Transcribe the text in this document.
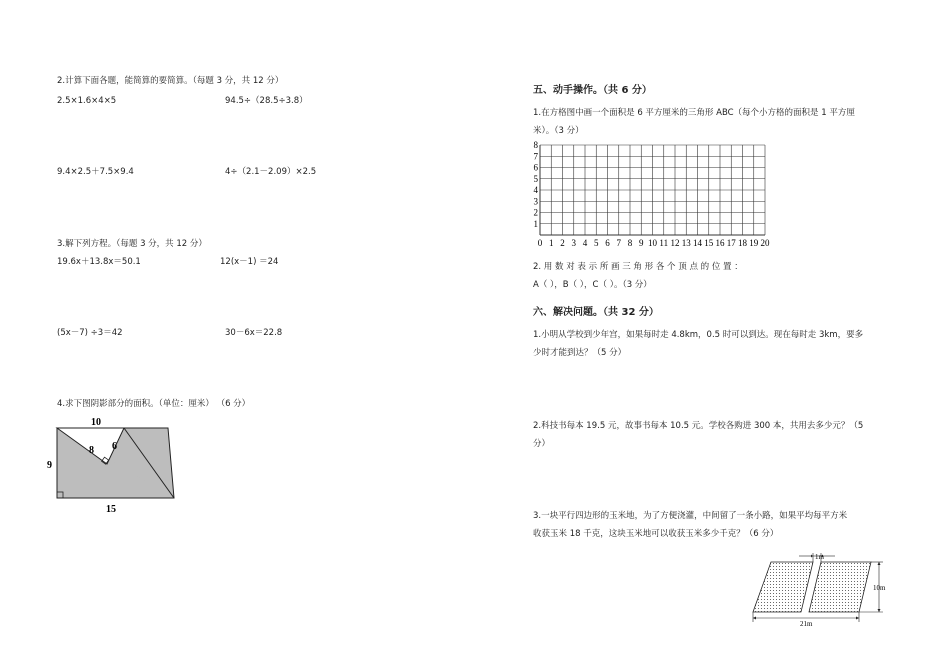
2.计算下面各题，能简算的要简算。（每题 3 分，共 12 分）
2.5×1.6×4×5	94.5÷（28.5÷3.8）
9.4×2.5＋7.5×9.4	4÷（2.1－2.09）×2.5
3.解下列方程。（每题 3 分，共 12 分）
19.6x＋13.8x＝50.1	12(x－1) ＝24
(5x－7) ÷3＝42	30－6x＝22.8
4.求下图阴影部分的面积。（单位：厘米） （6 分）
10
9
8 6
15
五、动手操作。（共 6 分）
1.在方格图中画一个面积是 6 平方厘米的三角形 ABC（每个小方格的面积是 1 平方厘
米）。（3 分）
8
7
6
5
4
3
2
1
0 1 2 3 4 5 6 7 8 9 10 11 12 13 14 15 16 17 18 19 20
2. 用 数 对 表 示 所 画 三 角 形 各 个 顶 点 的 位 置 ：
A（ ），B（ ），C（ ）。（3 分）
六、解决问题。（共 32 分）
1.小明从学校到少年宫，如果每时走 4.8km，0.5 时可以到达。现在每时走 3km，要多
少时才能到达？（5 分）
2.科技书每本 19.5 元，故事书每本 10.5 元。学校各购进 300 本，共用去多少元？（5
分）
3.一块平行四边形的玉米地，为了方便浇灌，中间留了一条小路，如果平均每平方米
收获玉米 18 千克，这块玉米地可以收获玉米多少千克？（6 分）
1m
10m
21m
